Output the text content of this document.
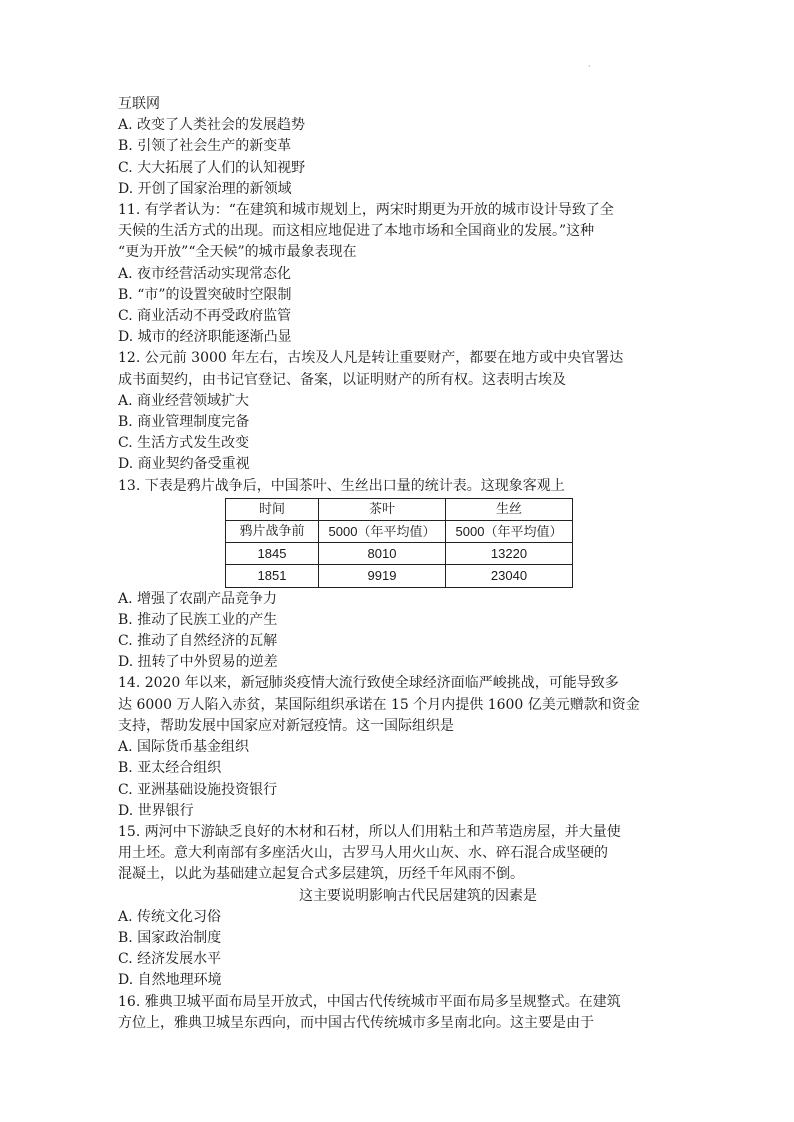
·
互联网
A. 改变了人类社会的发展趋势
B. 引领了社会生产的新变革
C. 大大拓展了人们的认知视野
D. 开创了国家治理的新领域
11. 有学者认为：“在建筑和城市规划上，两宋时期更为开放的城市设计导致了全
天候的生活方式的出现。而这相应地促进了本地市场和全国商业的发展。”这种
“更为开放”“全天候”的城市最象表现在
A. 夜市经营活动实现常态化
B. “市”的设置突破时空限制
C. 商业活动不再受政府监管
D. 城市的经济职能逐渐凸显
12. 公元前 3000 年左右，古埃及人凡是转让重要财产，都要在地方或中央官署达
成书面契约，由书记官登记、备案，以证明财产的所有权。这表明古埃及
A. 商业经营领域扩大
B. 商业管理制度完备
C. 生活方式发生改变
D. 商业契约备受重视
13. 下表是鸦片战争后，中国茶叶、生丝出口量的统计表。这现象客观上
时间	茶叶	生丝
鸦片战争前	5000（年平均值）	5000（年平均值）
1845	8010	13220
1851	9919	23040
A. 增强了农副产品竞争力
B. 推动了民族工业的产生
C. 推动了自然经济的瓦解
D. 扭转了中外贸易的逆差
14. 2020 年以来，新冠肺炎疫情大流行致使全球经济面临严峻挑战，可能导致多
达 6000 万人陷入赤贫，某国际组织承诺在 15 个月内提供 1600 亿美元赠款和资金
支持，帮助发展中国家应对新冠疫情。这一国际组织是
A. 国际货币基金组织
B. 亚太经合组织
C. 亚洲基础设施投资银行
D. 世界银行
15. 两河中下游缺乏良好的木材和石材，所以人们用粘土和芦苇造房屋，并大量使
用土坯。意大利南部有多座活火山，古罗马人用火山灰、水、碎石混合成坚硬的
混凝土，以此为基础建立起复合式多层建筑，历经千年风雨不倒。
这主要说明影响古代民居建筑的因素是
A. 传统文化习俗
B. 国家政治制度
C. 经济发展水平
D. 自然地理环境
16. 雅典卫城平面布局呈开放式，中国古代传统城市平面布局多呈规整式。在建筑
方位上，雅典卫城呈东西向，而中国古代传统城市多呈南北向。这主要是由于
